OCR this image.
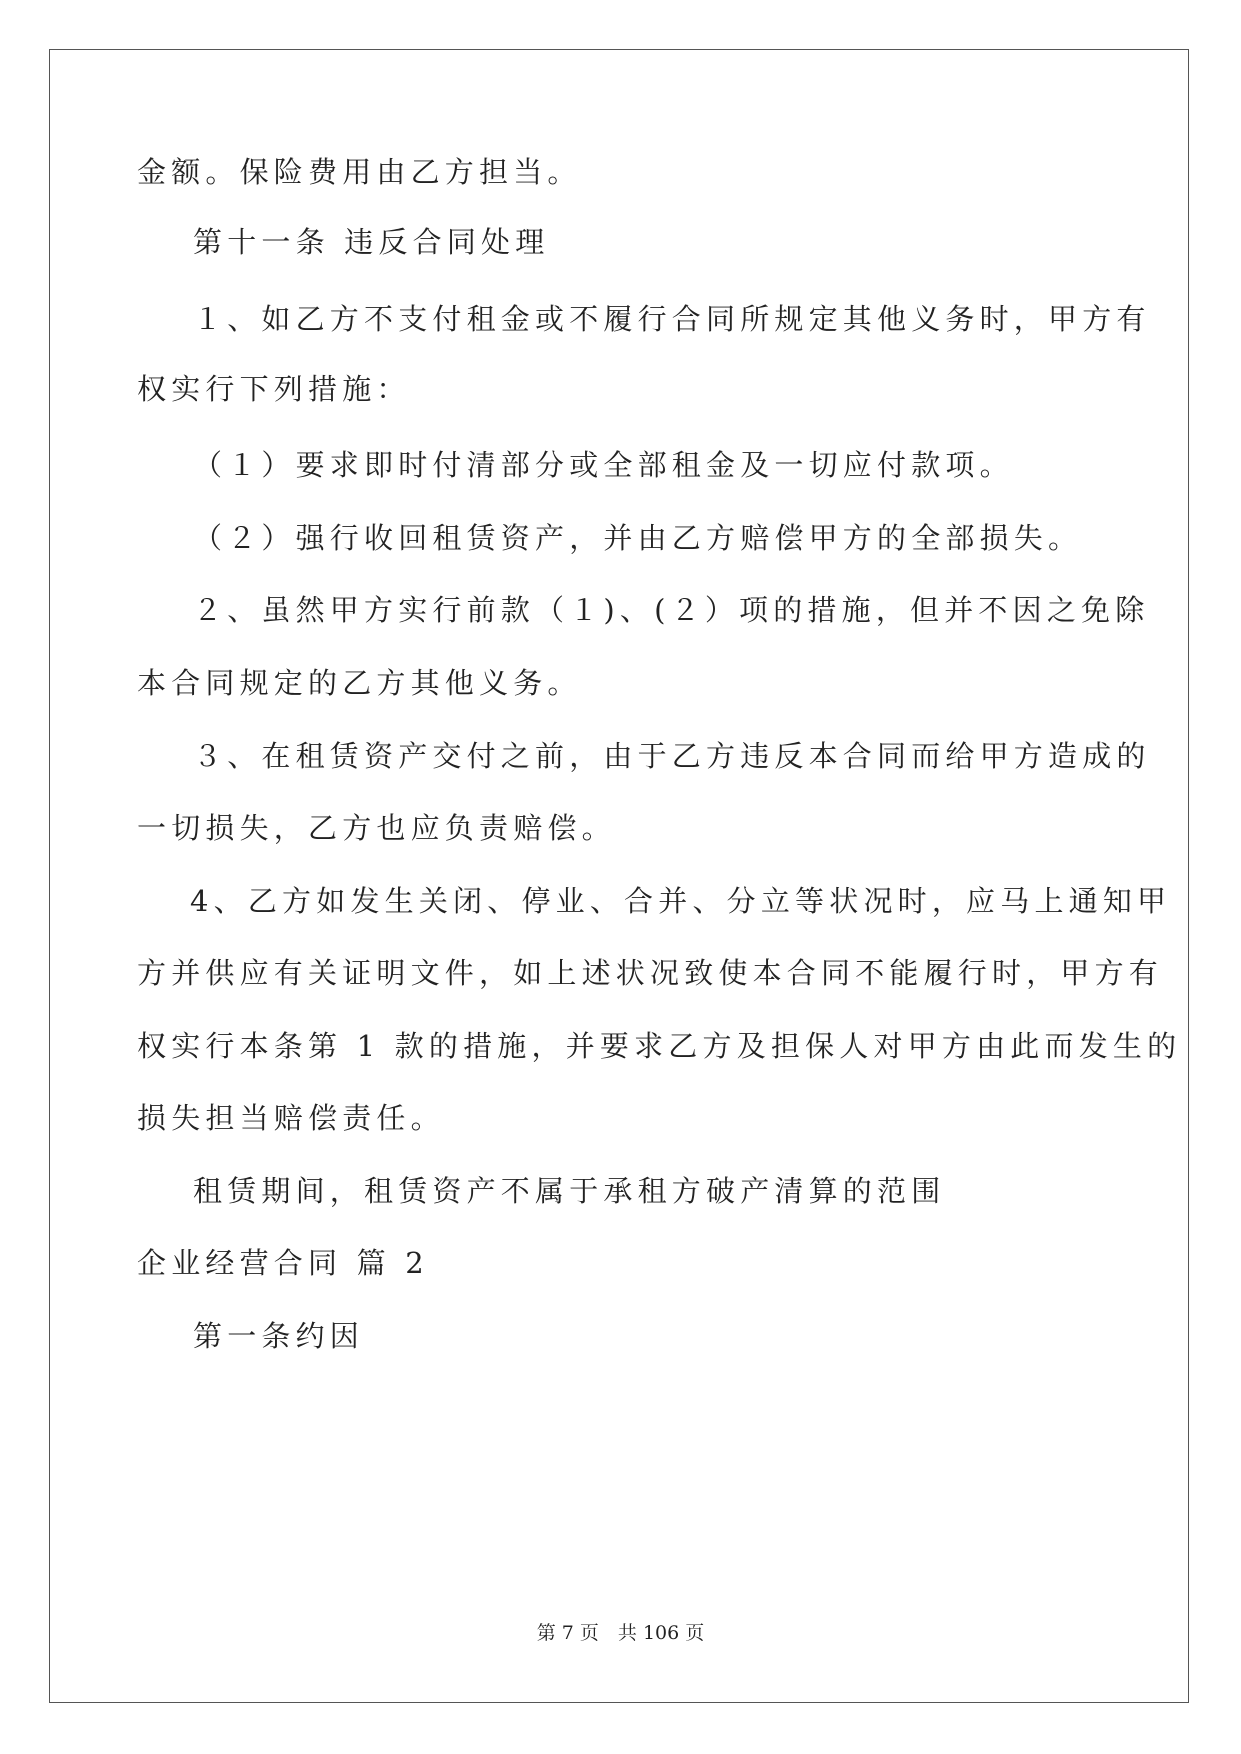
金额。保险费用由乙方担当。

第十一条 违反合同处理

１、如乙方不支付租金或不履行合同所规定其他义务时，甲方有

权实行下列措施：

（１）要求即时付清部分或全部租金及一切应付款项。

（２）强行收回租赁资产，并由乙方赔偿甲方的全部损失。

２、虽然甲方实行前款（１)、(２）项的措施，但并不因之免除

本合同规定的乙方其他义务。

３、在租赁资产交付之前，由于乙方违反本合同而给甲方造成的

一切损失，乙方也应负责赔偿。

4、乙方如发生关闭、停业、合并、分立等状况时，应马上通知甲

方并供应有关证明文件，如上述状况致使本合同不能履行时，甲方有

权实行本条第 1 款的措施，并要求乙方及担保人对甲方由此而发生的

损失担当赔偿责任。

租赁期间，租赁资产不属于承租方破产清算的范围

企业经营合同 篇 2

第一条约因

第 7 页　共 106 页
